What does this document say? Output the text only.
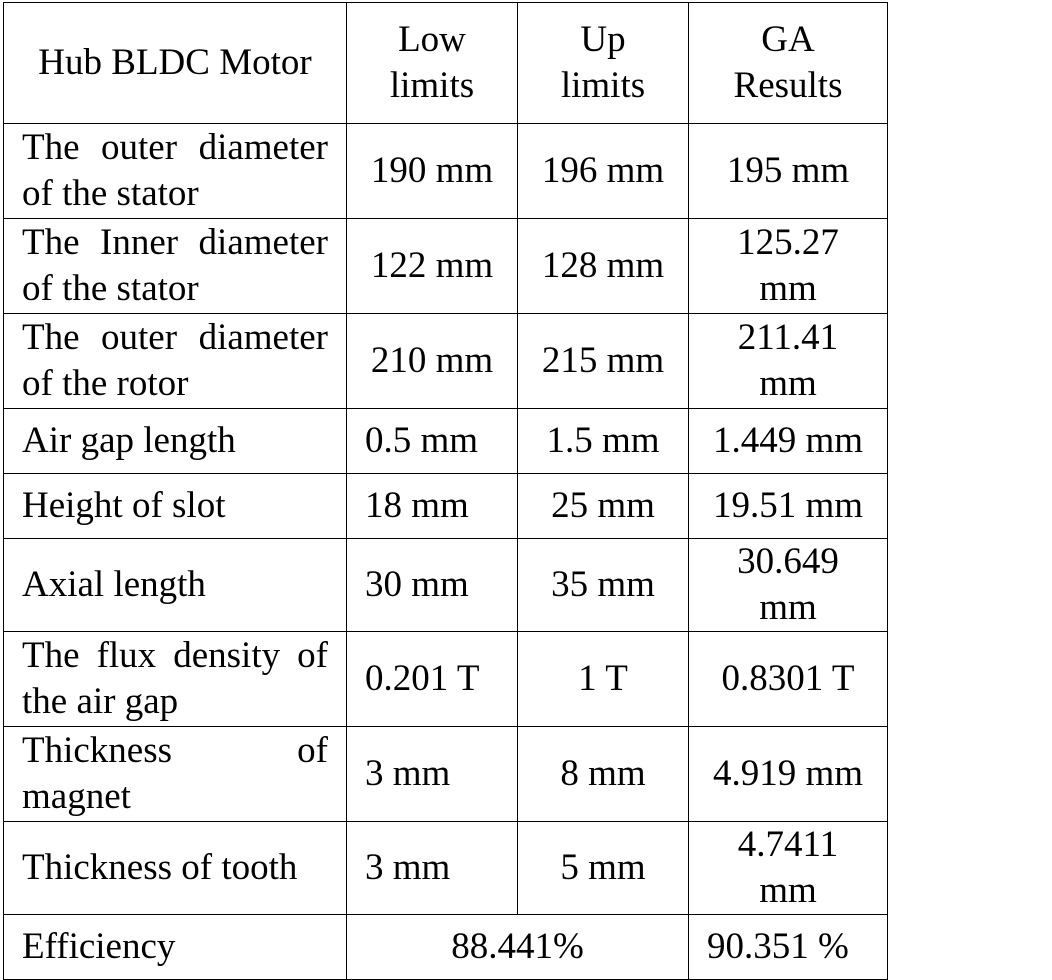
Hub BLDC Motor	Low limits	Up limits	GA Results
The outer diameter of the stator	190 mm	196 mm	195 mm
The Inner diameter of the stator	122 mm	128 mm	125.27 mm
The outer diameter of the rotor	210 mm	215 mm	211.41 mm
Air gap length	0.5 mm	1.5 mm	1.449 mm
Height of slot	18 mm	25 mm	19.51 mm
Axial length	30 mm	35 mm	30.649 mm
The flux density of the air gap	0.201 T	1 T	0.8301 T
Thickness of magnet	3 mm	8 mm	4.919 mm
Thickness of tooth	3 mm	5 mm	4.7411 mm
Efficiency	88.441%		90.351 %
